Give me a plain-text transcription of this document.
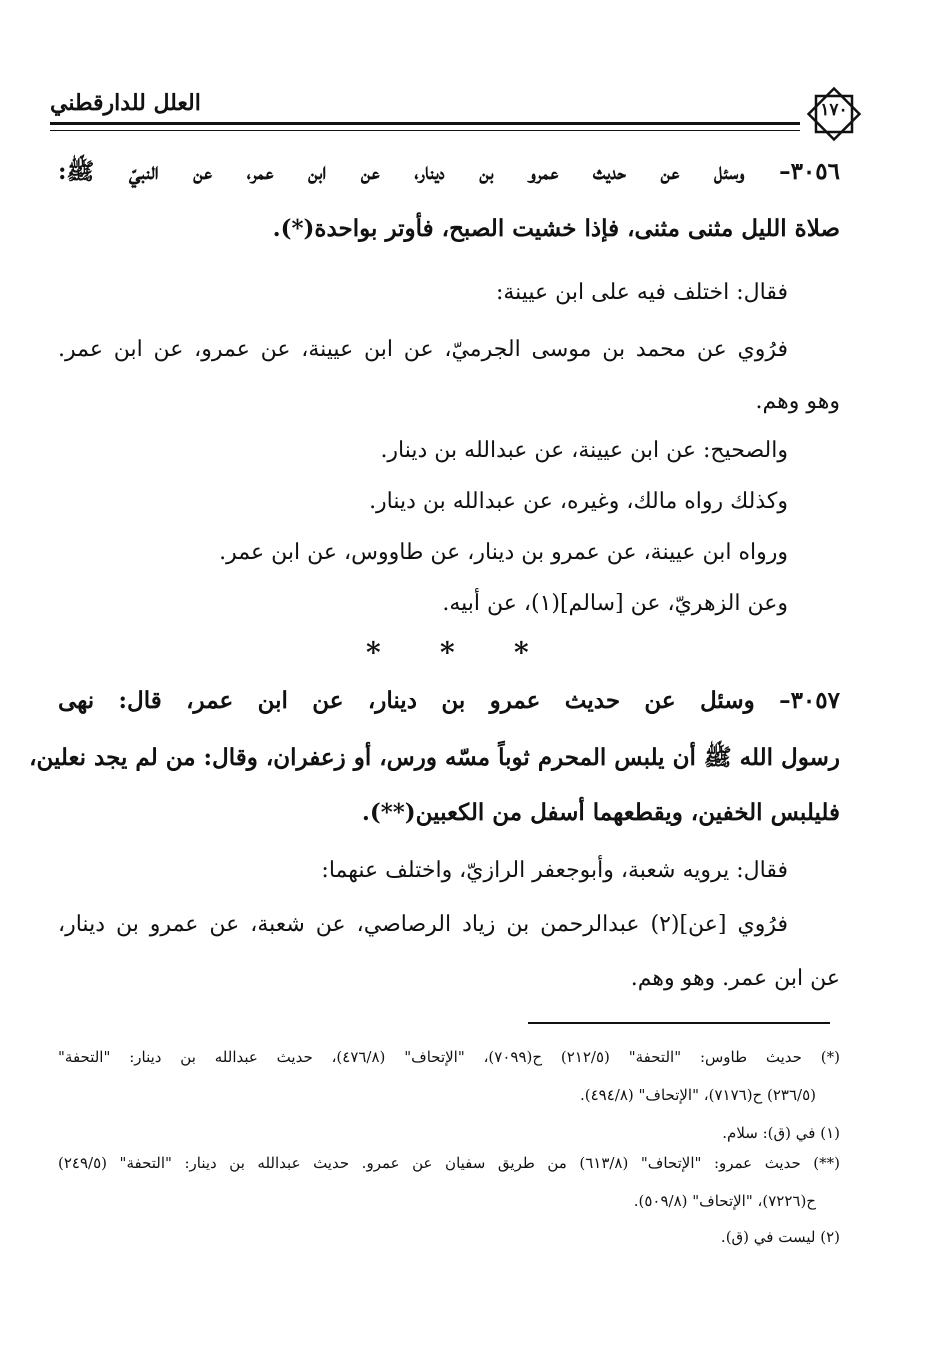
العلل للدارقطني	١٧٠
٣٠٥٦– وسئل عن حديث عمرو بن دينار، عن ابن عمر، عن النبيّ ﷺ:
صلاة الليل مثنى مثنى، فإذا خشيت الصبح، فأوتر بواحدة(*).
فقال: اختلف فيه على ابن عيينة:
فرُوي عن محمد بن موسى الجرميّ، عن ابن عيينة، عن عمرو، عن ابن عمر.
وهو وهم.
والصحيح: عن ابن عيينة، عن عبدالله بن دينار.
وكذلك رواه مالك، وغيره، عن عبدالله بن دينار.
ورواه ابن عيينة، عن عمرو بن دينار، عن طاووس، عن ابن عمر.
وعن الزهريّ، عن [سالم](١)، عن أبيه.
٣٠٥٧– وسئل عن حديث عمرو بن دينار، عن ابن عمر، قال: نهى
رسول الله ﷺ أن يلبس المحرم ثوباً مسّه ورس، أو زعفران، وقال: من لم يجد نعلين،
فليلبس الخفين، ويقطعهما أسفل من الكعبين(**).
فقال: يرويه شعبة، وأبوجعفر الرازيّ، واختلف عنهما:
فرُوي [عن](٢) عبدالرحمن بن زياد الرصاصي، عن شعبة، عن عمرو بن دينار،
عن ابن عمر. وهو وهم.
* * *
(*) حديث طاوس: "التحفة" (٢١٢/٥) ح(٧٠٩٩)، "الإتحاف" (٤٧٦/٨)، حديث عبدالله بن دينار: "التحفة"
(٢٣٦/٥) ح(٧١٧٦)، "الإتحاف" (٤٩٤/٨).
(١) في (ق): سلام.
(**) حديث عمرو: "الإتحاف" (٦١٣/٨) من طريق سفيان عن عمرو. حديث عبدالله بن دينار: "التحفة" (٢٤٩/٥)
ح(٧٢٢٦)، "الإتحاف" (٥٠٩/٨).
(٢) ليست في (ق).
